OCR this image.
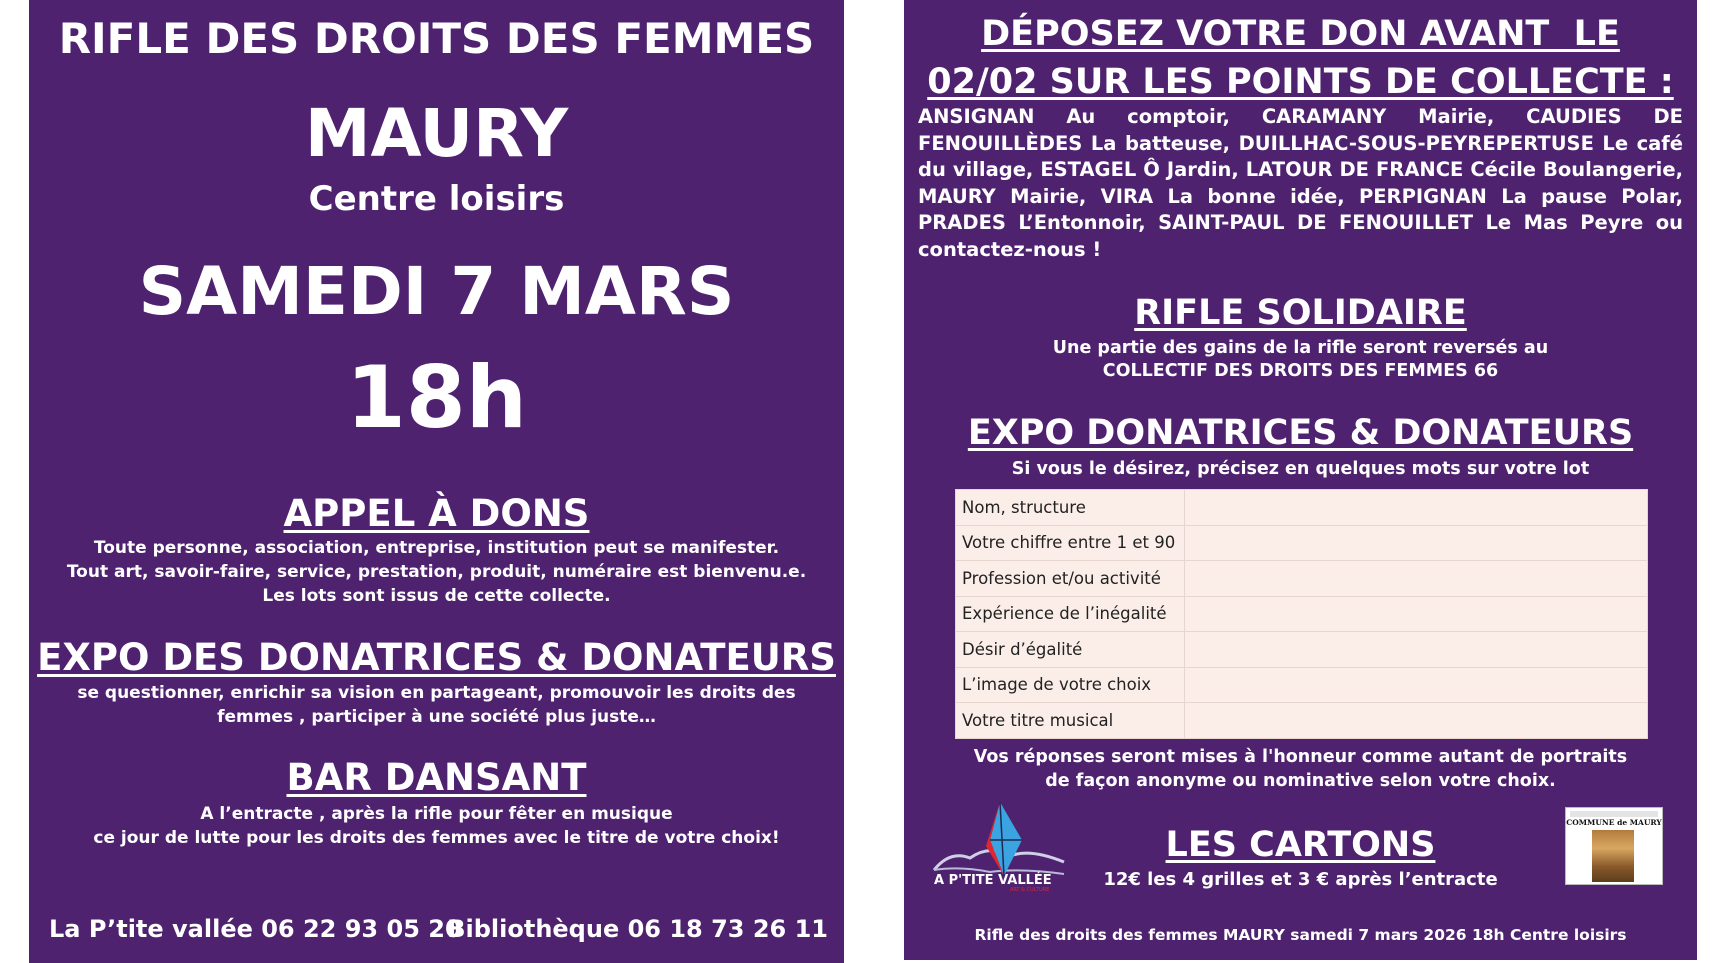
RIFLE DES DROITS DES FEMMES
MAURY
Centre loisirs
SAMEDI 7 MARS
18h
APPEL À DONS
Toute personne, association, entreprise, institution peut se manifester.
Tout art, savoir-faire, service, prestation, produit, numéraire est bienvenu.e.
Les lots sont issus de cette collecte.
EXPO DES DONATRICES & DONATEURS
se questionner, enrichir sa vision en partageant, promouvoir les droits des
femmes , participer à une société plus juste…
BAR DANSANT
A l’entracte , après la rifle pour fêter en musique
ce jour de lutte pour les droits des femmes avec le titre de votre choix!
La P’tite vallée 06 22 93 05 20
Bibliothèque 06 18 73 26 11
DÉPOSEZ VOTRE DON AVANT  LE
02/02 SUR LES POINTS DE COLLECTE :

ANSIGNAN Au comptoir, CARAMANY Mairie, CAUDIES DE FENOUILLÈDES La batteuse, DUILLHAC-SOUS-PEYREPERTUSE Le café du village, ESTAGEL Ô Jardin, LATOUR DE FRANCE Cécile Boulangerie, MAURY Mairie, VIRA La bonne idée, PERPIGNAN La pause Polar, PRADES L’Entonnoir, SAINT-PAUL DE FENOUILLET Le Mas Peyre ou contactez-nous !

RIFLE SOLIDAIRE
Une partie des gains de la rifle seront reversés au
COLLECTIF DES DROITS DES FEMMES 66
EXPO DONATRICES & DONATEURS
Si vous le désirez, précisez en quelques mots sur votre lot
Nom, structure	
Votre chiffre entre 1 et 90	
Profession et/ou activité	
Expérience de l’inégalité	
Désir d’égalité	
L’image de votre choix	
Votre titre musical	
Vos réponses seront mises à l'honneur comme autant de portraits
de façon anonyme ou nominative selon votre choix.
A P'TITE VALLÉE
ART & CULTURE
LES CARTONS
12€ les 4 grilles et 3 € après l’entracte
COMMUNE de MAURY
Rifle des droits des femmes MAURY samedi 7 mars 2026 18h Centre loisirs
